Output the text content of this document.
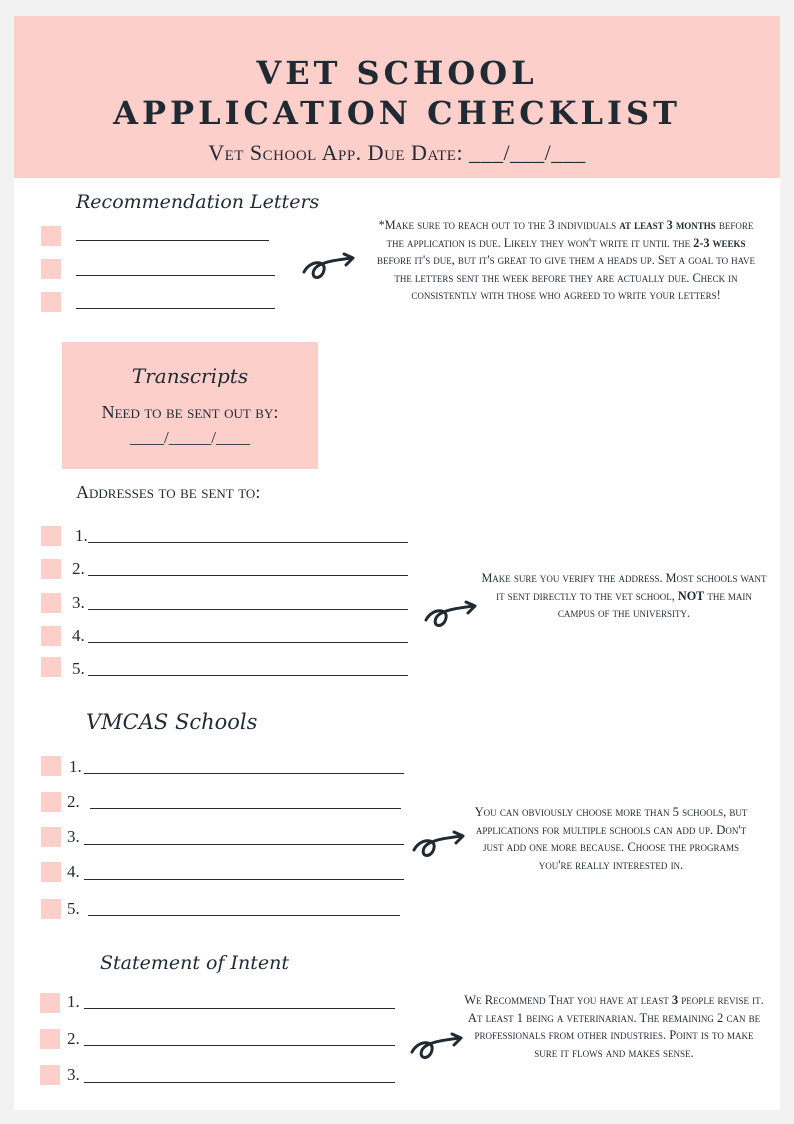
VET SCHOOL
APPLICATION CHECKLIST
Vet School App. Due Date: ___/___/___
Recommendation Letters
*Make sure to reach out to the 3 individuals at least 3 months before the application is due. Likely they won't write it until the 2-3 weeks before it's due, but it's great to give them a heads up. Set a goal to have the letters sent the week before they are actually due. Check in consistently with those who agreed to write your letters!
Transcripts
Need to be sent out by:
____/_____/____
Addresses to be sent to:
1.
2.
3.
4.
5.
Make sure you verify the address. Most schools want it sent directly to the vet school, NOT the main campus of the university.
VMCAS Schools
1.
2.
3.
4.
5.
You can obviously choose more than 5 schools, but applications for multiple schools can add up. Don't just add one more because. Choose the programs you're really interested in.
Statement of Intent
1.
2.
3.
We Recommend That you have at least 3 people revise it. At least 1 being a veterinarian. The remaining 2 can be professionals from other industries. Point is to make sure it flows and makes sense.
